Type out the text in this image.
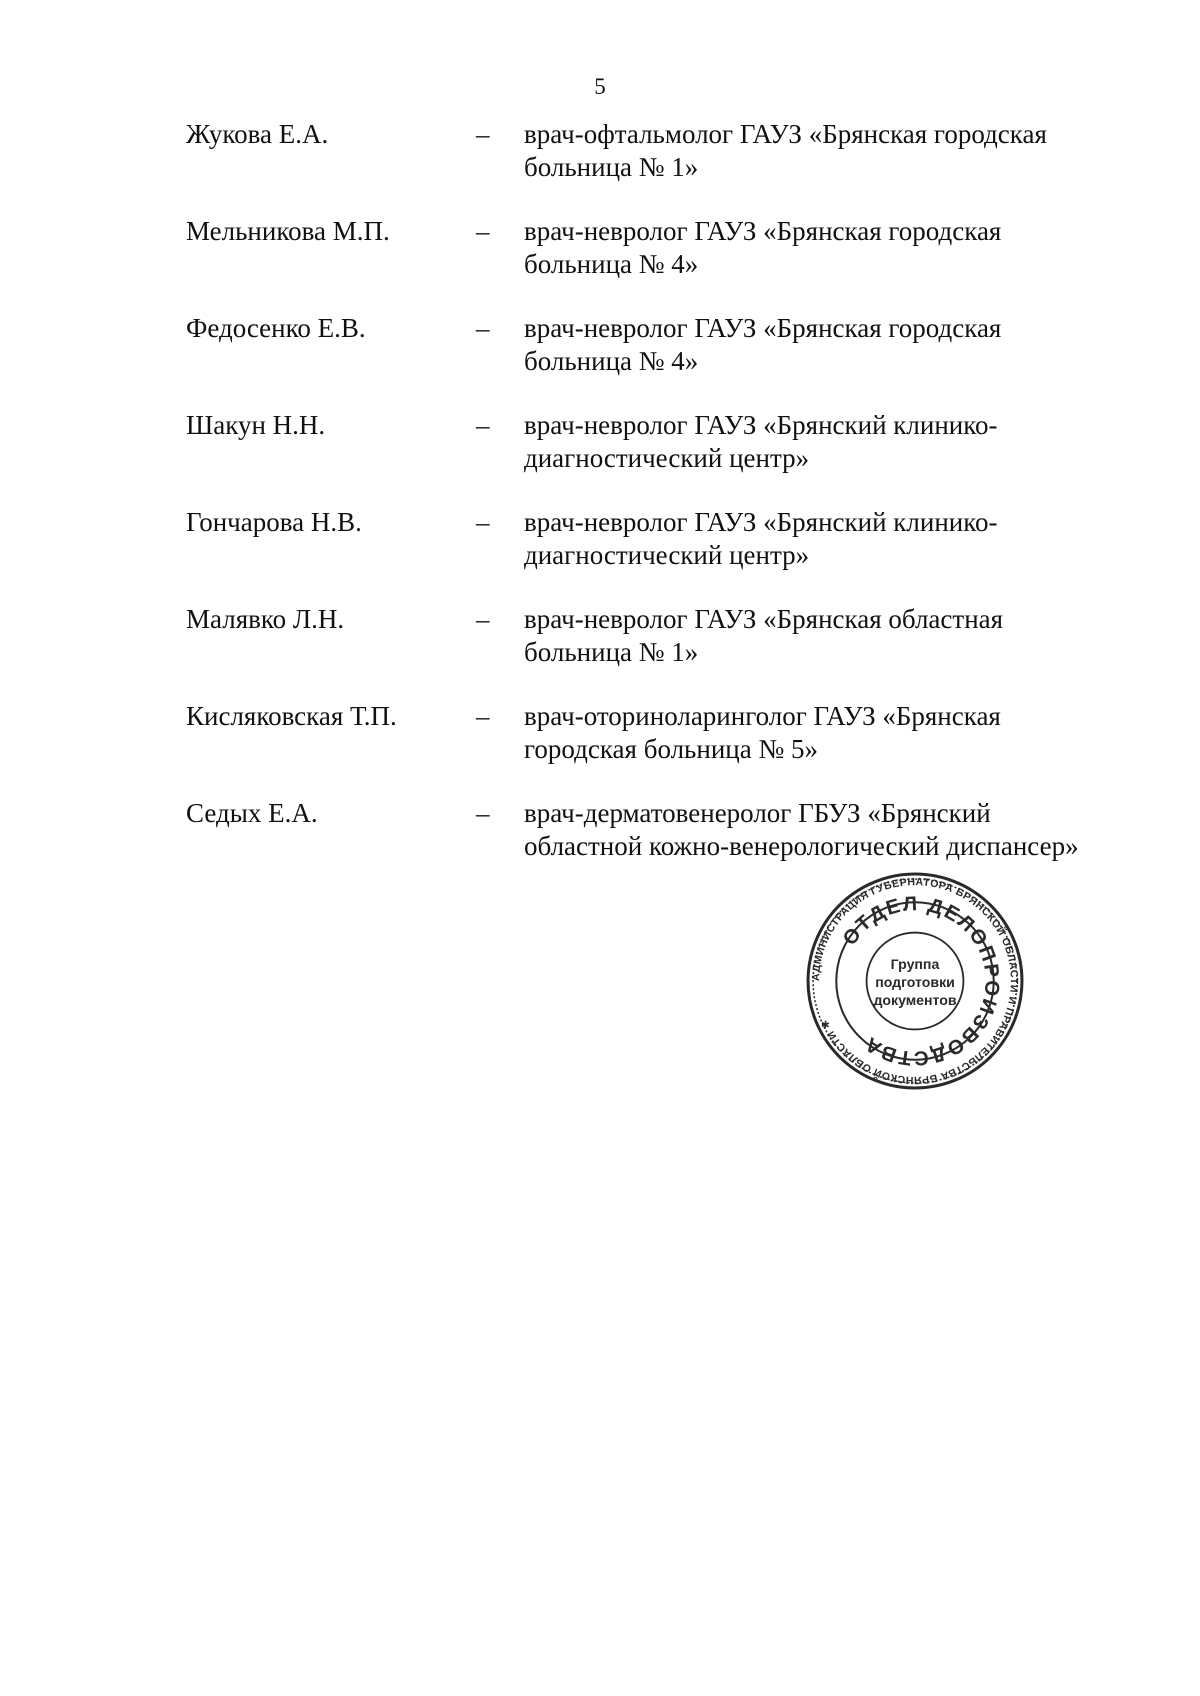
5
Жукова Е.А.	–	врач-офтальмолог ГАУЗ «Брянская городская
больница № 1»
Мельникова М.П.	–	врач-невролог ГАУЗ «Брянская городская
больница № 4»
Федосенко Е.В.	–	врач-невролог ГАУЗ «Брянская городская
больница № 4»
Шакун Н.Н.	–	врач-невролог ГАУЗ «Брянский клинико-
диагностический центр»
Гончарова Н.В.	–	врач-невролог ГАУЗ «Брянский клинико-
диагностический центр»
Малявко Л.Н.	–	врач-невролог ГАУЗ «Брянская областная
больница № 1»
Кисляковская Т.П.	–	врач-оториноларинголог ГАУЗ «Брянская
городская больница № 5»
Седых Е.А.	–	врач-дерматовенеролог ГБУЗ «Брянский
областной кожно-венерологический диспансер»
АДМИНИСТРАЦИЯ ГУБЕРНАТОРА БРЯНСКОЙ ОБЛАСТИ И ПРАВИТЕЛЬСТВА БРЯНСКОЙ ОБЛАСТИ ✱
ОТДЕЛ ДЕЛОПРОИЗВОДСТВА
Группа
подготовки
документов
